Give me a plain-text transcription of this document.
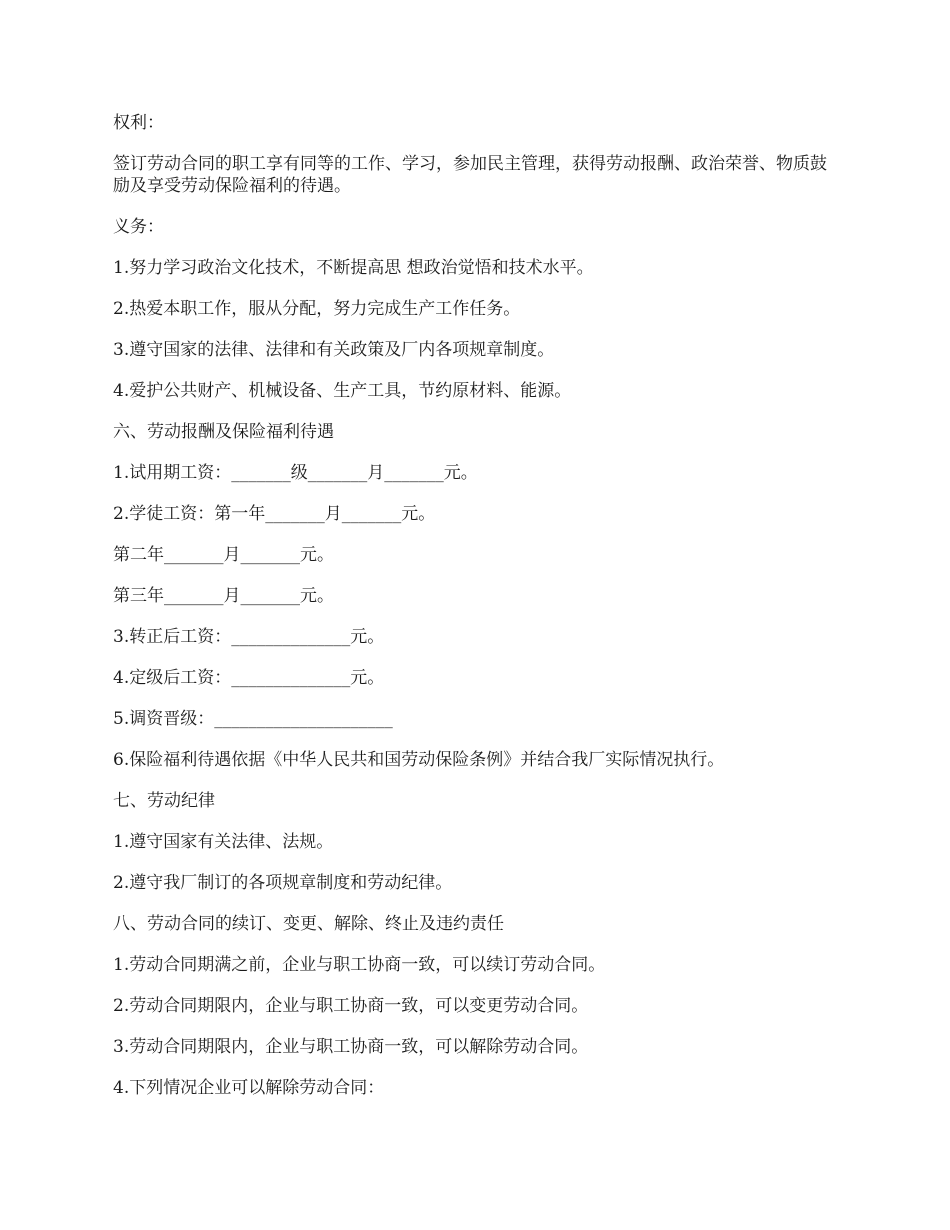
权利：

签订劳动合同的职工享有同等的工作、学习，参加民主管理，获得劳动报酬、政治荣誉、物质鼓励及享受劳动保险福利的待遇。

义务：

1.努力学习政治文化技术，不断提高思 想政治觉悟和技术水平。

2.热爱本职工作，服从分配，努力完成生产工作任务。

3.遵守国家的法律、法律和有关政策及厂内各项规章制度。

4.爱护公共财产、机械设备、生产工具，节约原材料、能源。

六、劳动报酬及保险福利待遇

1.试用期工资：_______级_______月_______元。

2.学徒工资：第一年_______月_______元。

第二年_______月_______元。

第三年_______月_______元。

3.转正后工资：______________元。

4.定级后工资：______________元。

5.调资晋级：_____________________

6.保险福利待遇依据《中华人民共和国劳动保险条例》并结合我厂实际情况执行。

七、劳动纪律

1.遵守国家有关法律、法规。

2.遵守我厂制订的各项规章制度和劳动纪律。

八、劳动合同的续订、变更、解除、终止及违约责任

1.劳动合同期满之前，企业与职工协商一致，可以续订劳动合同。

2.劳动合同期限内，企业与职工协商一致，可以变更劳动合同。

3.劳动合同期限内，企业与职工协商一致，可以解除劳动合同。

4.下列情况企业可以解除劳动合同：
